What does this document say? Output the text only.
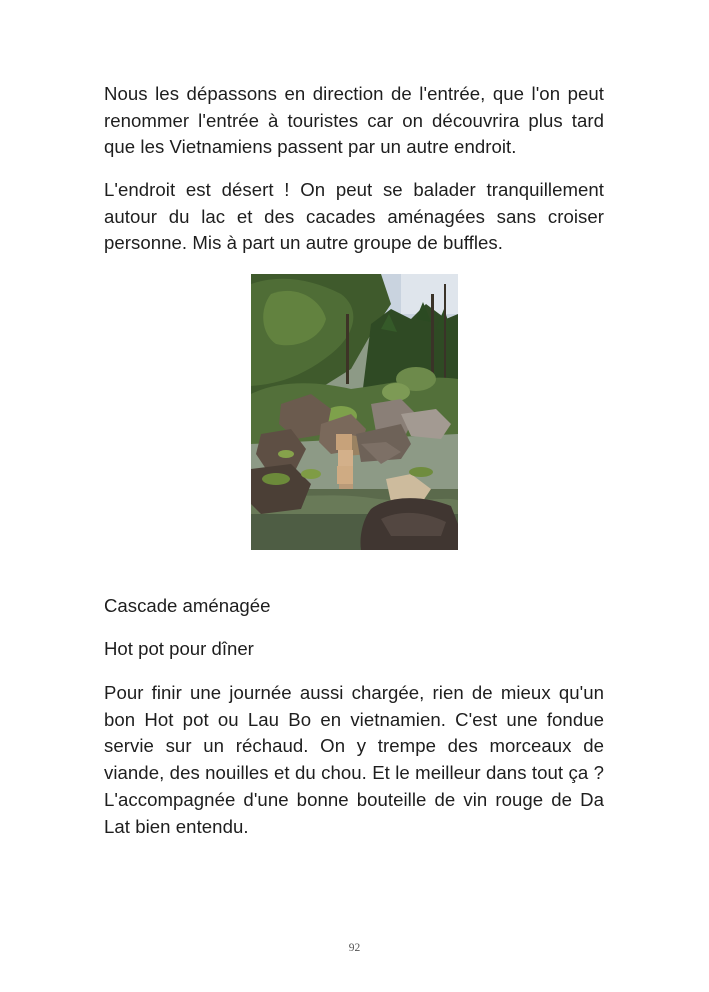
Nous les dépassons en direction de l'entrée, que l'on peut renommer l'entrée à touristes car on découvrira plus tard que les Vietnamiens passent par un autre endroit.

L'endroit est désert ! On peut se balader tranquillement autour du lac et des cacades aménagées sans croiser personne. Mis à part un autre groupe de buffles.

Cascade aménagée

Hot pot pour dîner

Pour finir une journée aussi chargée, rien de mieux qu'un bon Hot pot ou Lau Bo en vietnamien. C'est une fondue servie sur un réchaud. On y trempe des morceaux de viande, des nouilles et du chou. Et le meilleur dans tout ça ? L'accompagnée d'une bonne bouteille de vin rouge de Da Lat bien entendu.

92
